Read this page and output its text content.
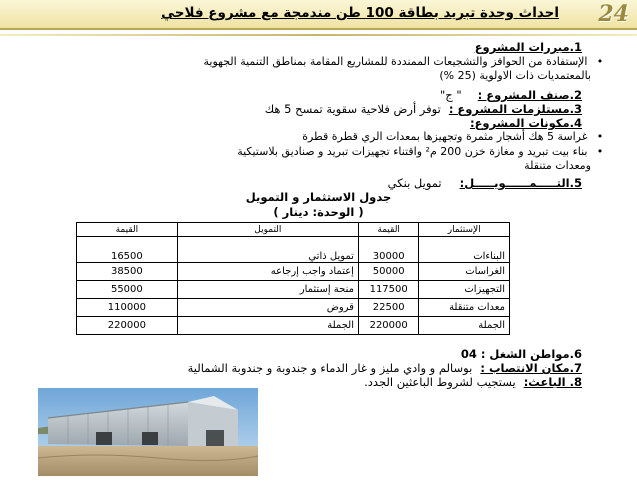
احداث وحدة تبريد بطاقة 100 طن مندمجة مع مشروع فلاحي 24
1.مبررات المشروع
• الإستفادة من الحوافز والتشجيعات الممنددة للمشاريع المقامة بمناطق التنمية الجهوية
بالمعتمديات ذات الاولوية (25 %)
2.صنف المشروع : " ج"
3.مستلزمات المشروع : توفر أرض فلاحية سقوية تمسح 5 هك
4.مكونات المشروع:
• غراسة 5 هك أشجار مثمرة وتجهيزها بمعدات الري قطرة قطرة
• بناء بيت تبريد و مغازة خزن 200 م² واقتناء تجهيزات تبريد و صناديق بلاستيكية
ومعدات متنقلة
5.التـــــمــــــويـــــل: تمويل بنكي
جدول الاستثمار و التمويل
( الوحدة: دينار )
الإستثمار	القيمة	التمويل	القيمة
البناءات	30000	تمويل ذاتي	16500
الغراسات	50000	إعتماد واجب إرجاعه	38500
التجهيزات	117500	منحة إستثمار	55000
معدات متنقلة	22500	قروض	110000
الجملة	220000	الجملة	220000
6.مواطن الشغل : 04
7.مكان الانتصاب : بوسالم و وادي مليز و غار الدماء و جندوبة و جندوبة الشمالية
8. الباعث: يستجيب لشروط الباعثين الجدد.
